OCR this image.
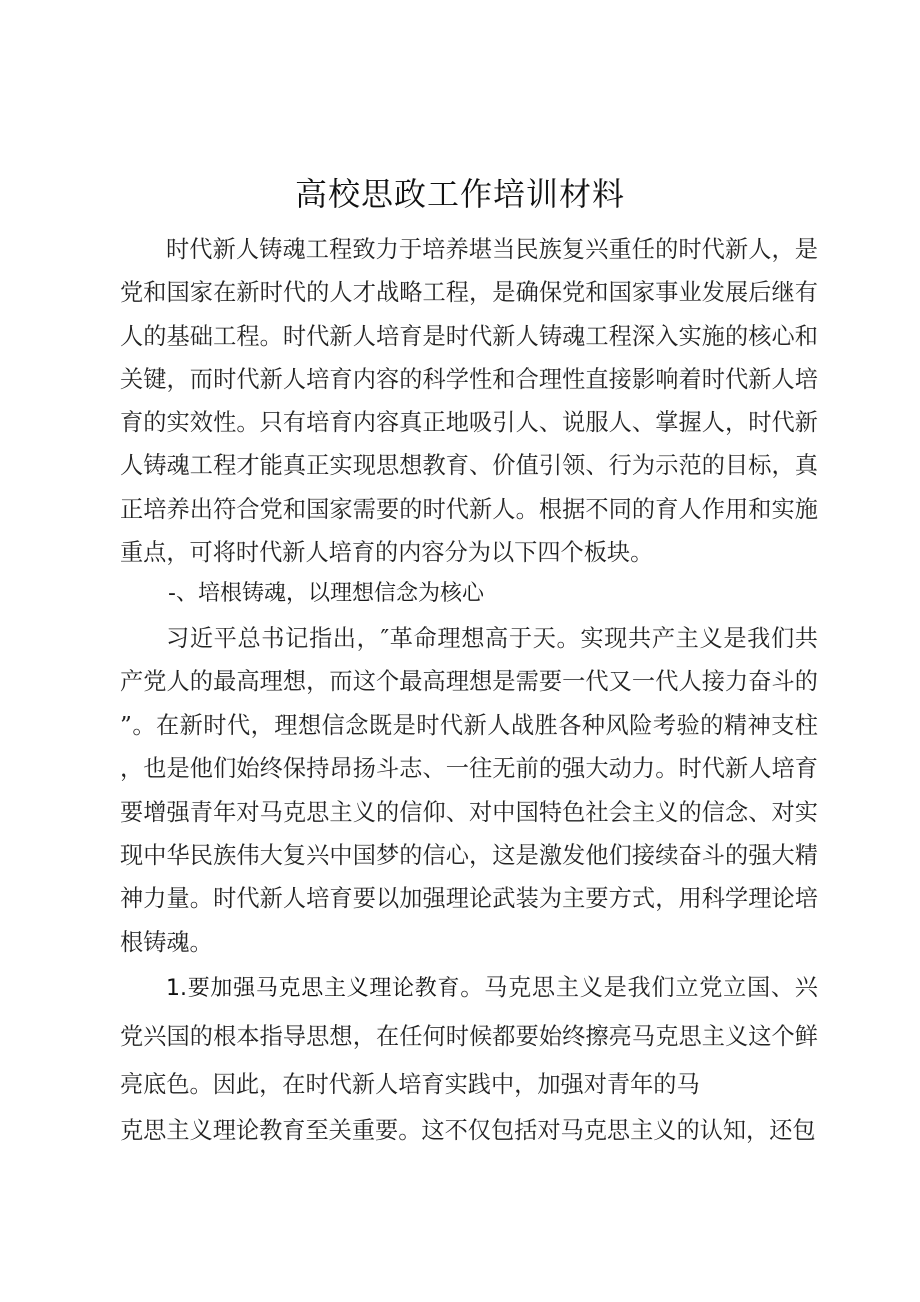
高校思政工作培训材料

时代新人铸魂工程致力于培养堪当民族复兴重任的时代新人，是党和国家在新时代的人才战略工程，是确保党和国家事业发展后继有人的基础工程。时代新人培育是时代新人铸魂工程深入实施的核心和关键，而时代新人培育内容的科学性和合理性直接影响着时代新人培育的实效性。只有培育内容真正地吸引人、说服人、掌握人，时代新人铸魂工程才能真正实现思想教育、价值引领、行为示范的目标，真正培养出符合党和国家需要的时代新人。根据不同的育人作用和实施重点，可将时代新人培育的内容分为以下四个板块。

-、培根铸魂，以理想信念为核心

习近平总书记指出，″革命理想高于天。实现共产主义是我们共产党人的最高理想，而这个最高理想是需要一代又一代人接力奋斗的”。在新时代，理想信念既是时代新人战胜各种风险考验的精神支柱，也是他们始终保持昂扬斗志、一往无前的强大动力。时代新人培育要增强青年对马克思主义的信仰、对中国特色社会主义的信念、对实现中华民族伟大复兴中国梦的信心，这是激发他们接续奋斗的强大精神力量。时代新人培育要以加强理论武装为主要方式，用科学理论培根铸魂。

1.要加强马克思主义理论教育。马克思主义是我们立党立国、兴党兴国的根本指导思想，在任何时候都要始终擦亮马克思主义这个鲜亮底色。因此，在时代新人培育实践中，加强对青年的马

克思主义理论教育至关重要。这不仅包括对马克思主义的认知，还包
